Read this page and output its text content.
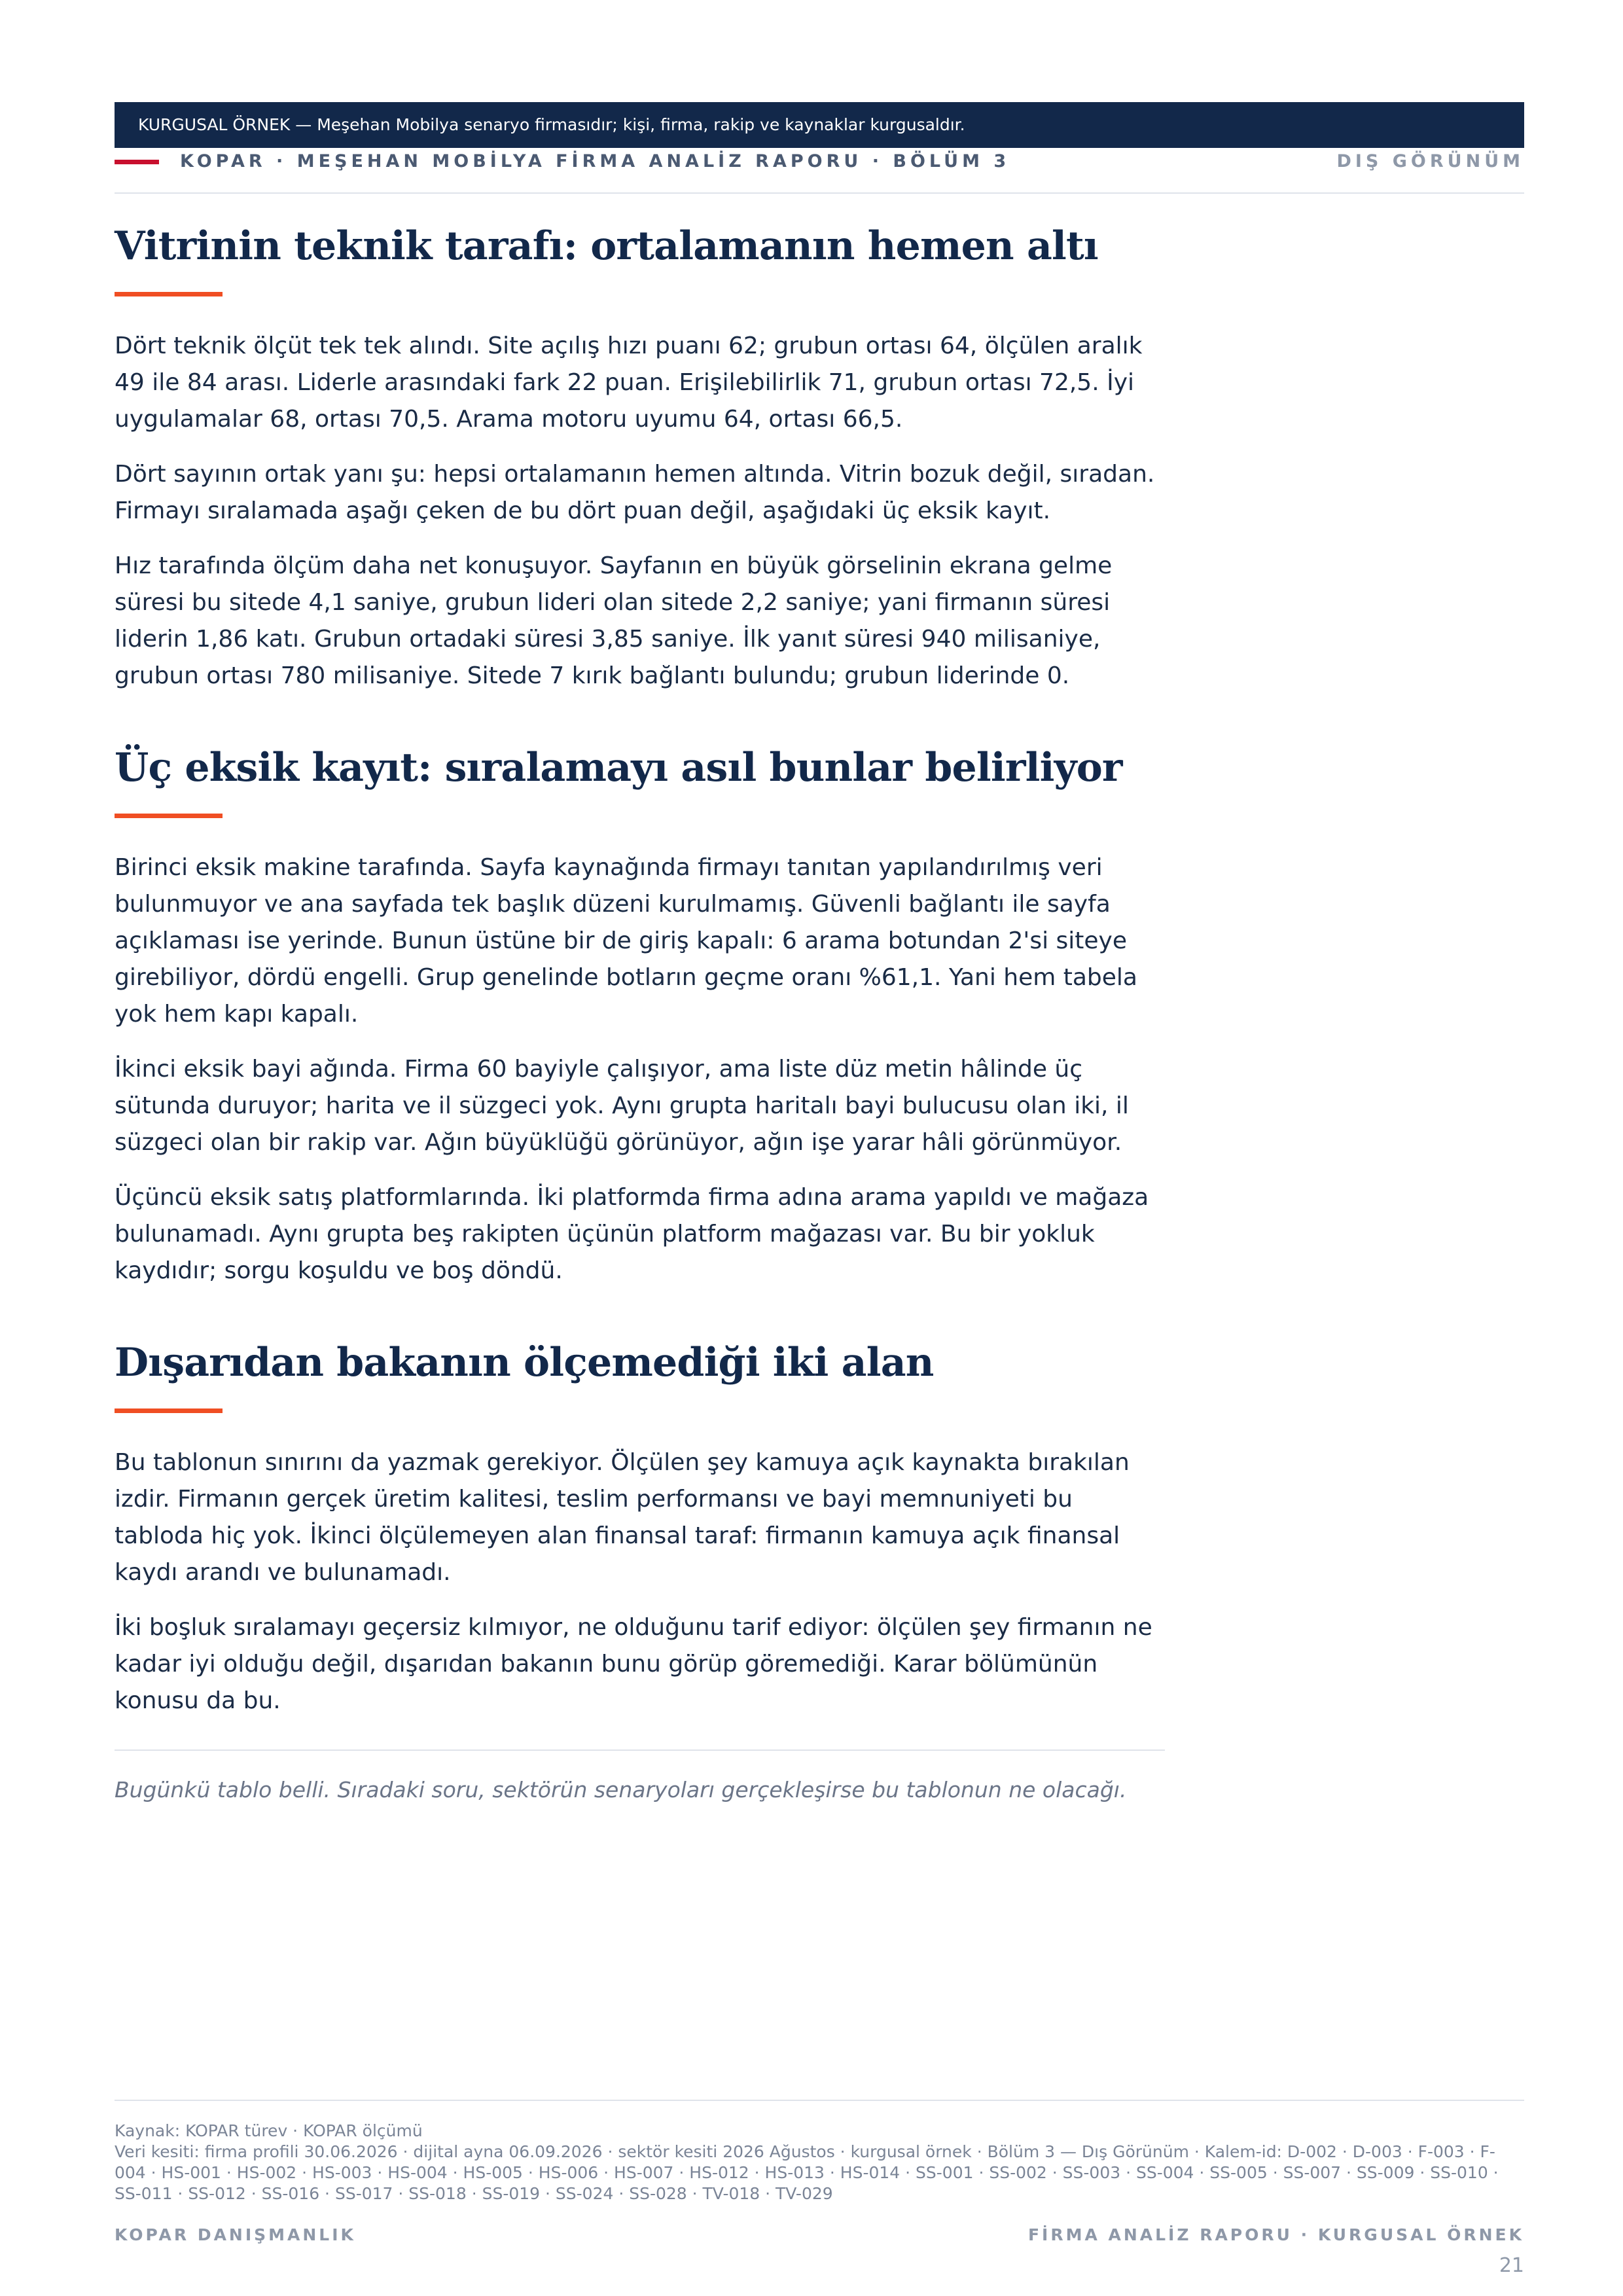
KURGUSAL ÖRNEK — Meşehan Mobilya senaryo firmasıdır; kişi, firma, rakip ve kaynaklar kurgusaldır.
KOPAR · MEŞEHAN MOBİLYA FİRMA ANALİZ RAPORU · BÖLÜM 3	DIŞ GÖRÜNÜM
Vitrinin teknik tarafı: ortalamanın hemen altı

Dört teknik ölçüt tek tek alındı. Site açılış hızı puanı 62; grubun ortası 64, ölçülen aralık 49 ile 84 arası. Liderle arasındaki fark 22 puan. Erişilebilirlik 71, grubun ortası 72,5. İyi uygulamalar 68, ortası 70,5. Arama motoru uyumu 64, ortası 66,5.

Dört sayının ortak yanı şu: hepsi ortalamanın hemen altında. Vitrin bozuk değil, sıradan. Firmayı sıralamada aşağı çeken de bu dört puan değil, aşağıdaki üç eksik kayıt.

Hız tarafında ölçüm daha net konuşuyor. Sayfanın en büyük görselinin ekrana gelme süresi bu sitede 4,1 saniye, grubun lideri olan sitede 2,2 saniye; yani firmanın süresi liderin 1,86 katı. Grubun ortadaki süresi 3,85 saniye. İlk yanıt süresi 940 milisaniye, grubun ortası 780 milisaniye. Sitede 7 kırık bağlantı bulundu; grubun liderinde 0.

Üç eksik kayıt: sıralamayı asıl bunlar belirliyor

Birinci eksik makine tarafında. Sayfa kaynağında firmayı tanıtan yapılandırılmış veri bulunmuyor ve ana sayfada tek başlık düzeni kurulmamış. Güvenli bağlantı ile sayfa açıklaması ise yerinde. Bunun üstüne bir de giriş kapalı: 6 arama botundan 2'si siteye girebiliyor, dördü engelli. Grup genelinde botların geçme oranı %61,1. Yani hem tabela yok hem kapı kapalı.

İkinci eksik bayi ağında. Firma 60 bayiyle çalışıyor, ama liste düz metin hâlinde üç sütunda duruyor; harita ve il süzgeci yok. Aynı grupta haritalı bayi bulucusu olan iki, il süzgeci olan bir rakip var. Ağın büyüklüğü görünüyor, ağın işe yarar hâli görünmüyor.

Üçüncü eksik satış platformlarında. İki platformda firma adına arama yapıldı ve mağaza bulunamadı. Aynı grupta beş rakipten üçünün platform mağazası var. Bu bir yokluk kaydıdır; sorgu koşuldu ve boş döndü.

Dışarıdan bakanın ölçemediği iki alan

Bu tablonun sınırını da yazmak gerekiyor. Ölçülen şey kamuya açık kaynakta bırakılan izdir. Firmanın gerçek üretim kalitesi, teslim performansı ve bayi memnuniyeti bu tabloda hiç yok. İkinci ölçülemeyen alan finansal taraf: firmanın kamuya açık finansal kaydı arandı ve bulunamadı.

İki boşluk sıralamayı geçersiz kılmıyor, ne olduğunu tarif ediyor: ölçülen şey firmanın ne kadar iyi olduğu değil, dışarıdan bakanın bunu görüp göremediği. Karar bölümünün konusu da bu.

Bugünkü tablo belli. Sıradaki soru, sektörün senaryoları gerçekleşirse bu tablonun ne olacağı.

Kaynak: KOPAR türev · KOPAR ölçümü
Veri kesiti: firma profili 30.06.2026 · dijital ayna 06.09.2026 · sektör kesiti 2026 Ağustos · kurgusal örnek · Bölüm 3 — Dış Görünüm · Kalem-id: D-002 · D-003 · F-003 · F-004 · HS-001 · HS-002 · HS-003 · HS-004 · HS-005 · HS-006 · HS-007 · HS-012 · HS-013 · HS-014 · SS-001 · SS-002 · SS-003 · SS-004 · SS-005 · SS-007 · SS-009 · SS-010 · SS-011 · SS-012 · SS-016 · SS-017 · SS-018 · SS-019 · SS-024 · SS-028 · TV-018 · TV-029
KOPAR DANIŞMANLIK	FİRMA ANALİZ RAPORU · KURGUSAL ÖRNEK
21
